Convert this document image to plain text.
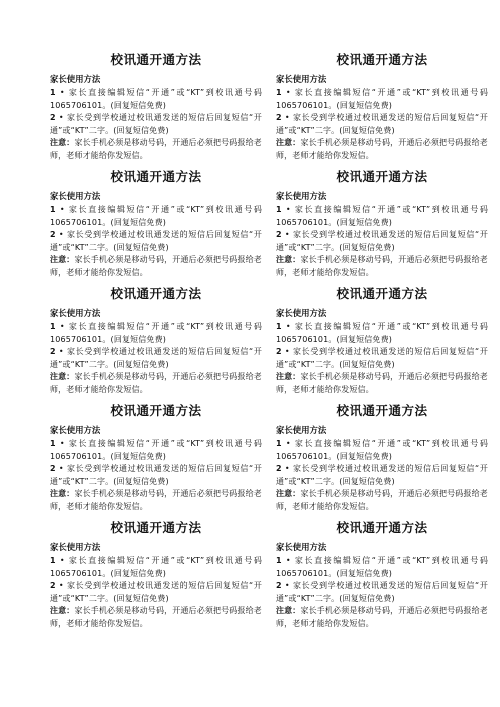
校讯通开通方法
家长使用方法

1 • 家长直接编辑短信“开通”或“KT”到校讯通号码1065706101。(回复短信免费)

2 • 家长受到学校通过校讯通发送的短信后回复短信“开通”或“KT”二字。(回复短信免费)

注意：家长手机必须是移动号码，开通后必须把号码报给老师，老师才能给你发短信。

校讯通开通方法
家长使用方法

1 • 家长直接编辑短信“开通”或“KT”到校讯通号码1065706101。(回复短信免费)

2 • 家长受到学校通过校讯通发送的短信后回复短信“开通”或“KT”二字。(回复短信免费)

注意：家长手机必须是移动号码，开通后必须把号码报给老师，老师才能给你发短信。

校讯通开通方法
家长使用方法

1 • 家长直接编辑短信“开通”或“KT”到校讯通号码1065706101。(回复短信免费)

2 • 家长受到学校通过校讯通发送的短信后回复短信“开通”或“KT”二字。(回复短信免费)

注意：家长手机必须是移动号码，开通后必须把号码报给老师，老师才能给你发短信。

校讯通开通方法
家长使用方法

1 • 家长直接编辑短信“开通”或“KT”到校讯通号码1065706101。(回复短信免费)

2 • 家长受到学校通过校讯通发送的短信后回复短信“开通”或“KT”二字。(回复短信免费)

注意：家长手机必须是移动号码，开通后必须把号码报给老师，老师才能给你发短信。

校讯通开通方法
家长使用方法

1 • 家长直接编辑短信“开通”或“KT”到校讯通号码1065706101。(回复短信免费)

2 • 家长受到学校通过校讯通发送的短信后回复短信“开通”或“KT”二字。(回复短信免费)

注意：家长手机必须是移动号码，开通后必须把号码报给老师，老师才能给你发短信。

校讯通开通方法
家长使用方法

1 • 家长直接编辑短信“开通”或“KT”到校讯通号码1065706101。(回复短信免费)

2 • 家长受到学校通过校讯通发送的短信后回复短信“开通”或“KT”二字。(回复短信免费)

注意：家长手机必须是移动号码，开通后必须把号码报给老师，老师才能给你发短信。

校讯通开通方法
家长使用方法

1 • 家长直接编辑短信“开通”或“KT”到校讯通号码1065706101。(回复短信免费)

2 • 家长受到学校通过校讯通发送的短信后回复短信“开通”或“KT”二字。(回复短信免费)

注意：家长手机必须是移动号码，开通后必须把号码报给老师，老师才能给你发短信。

校讯通开通方法
家长使用方法

1 • 家长直接编辑短信“开通”或“KT”到校讯通号码1065706101。(回复短信免费)

2 • 家长受到学校通过校讯通发送的短信后回复短信“开通”或“KT”二字。(回复短信免费)

注意：家长手机必须是移动号码，开通后必须把号码报给老师，老师才能给你发短信。

校讯通开通方法
家长使用方法

1 • 家长直接编辑短信“开通”或“KT”到校讯通号码1065706101。(回复短信免费)

2 • 家长受到学校通过校讯通发送的短信后回复短信“开通”或“KT”二字。(回复短信免费)

注意：家长手机必须是移动号码，开通后必须把号码报给老师，老师才能给你发短信。

校讯通开通方法
家长使用方法

1 • 家长直接编辑短信“开通”或“KT”到校讯通号码1065706101。(回复短信免费)

2 • 家长受到学校通过校讯通发送的短信后回复短信“开通”或“KT”二字。(回复短信免费)

注意：家长手机必须是移动号码，开通后必须把号码报给老师，老师才能给你发短信。
